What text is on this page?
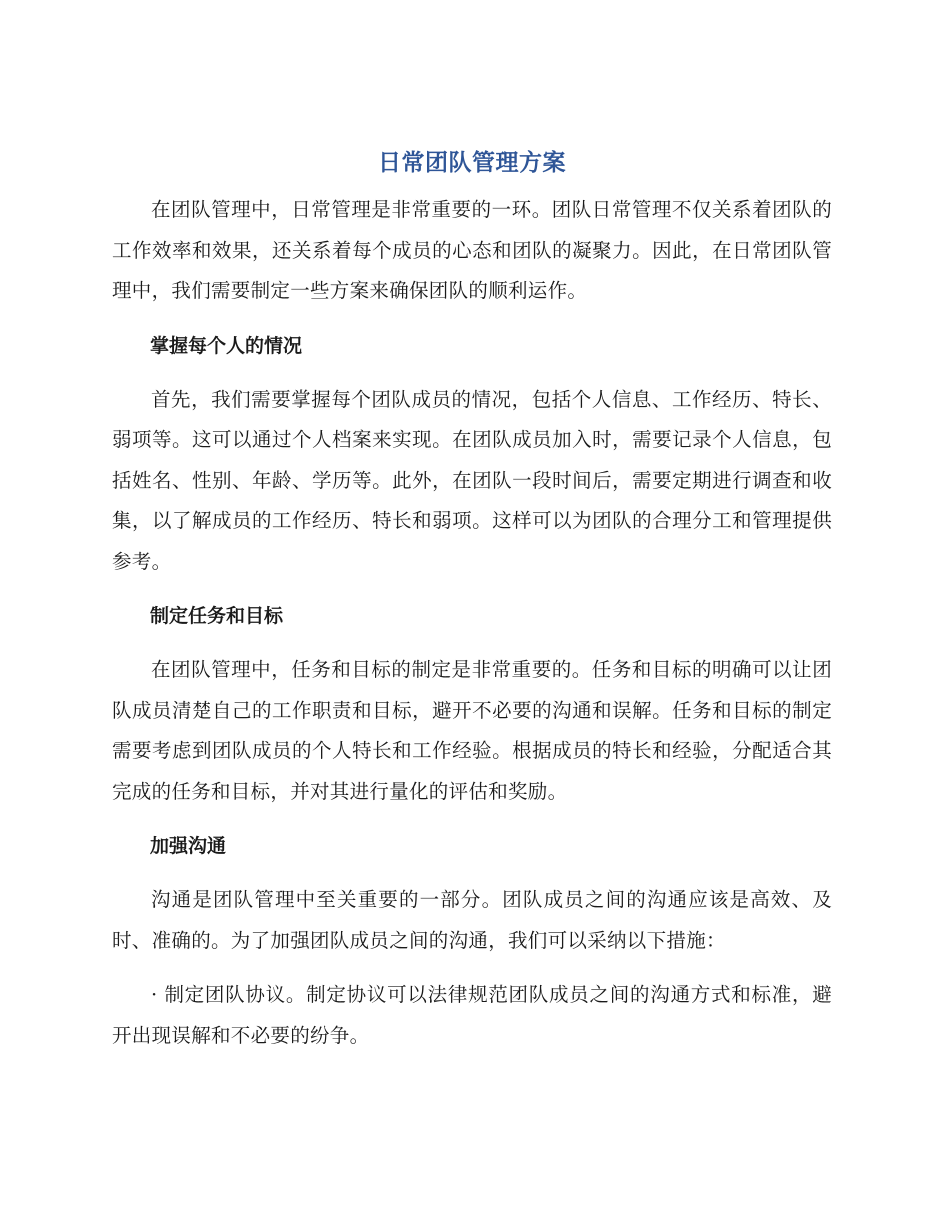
日常团队管理方案

在团队管理中，日常管理是非常重要的一环。团队日常管理不仅关系着团队的工作效率和效果，还关系着每个成员的心态和团队的凝聚力。因此，在日常团队管理中，我们需要制定一些方案来确保团队的顺利运作。

掌握每个人的情况

首先，我们需要掌握每个团队成员的情况，包括个人信息、工作经历、特长、弱项等。这可以通过个人档案来实现。在团队成员加入时，需要记录个人信息，包括姓名、性别、年龄、学历等。此外，在团队一段时间后，需要定期进行调查和收集，以了解成员的工作经历、特长和弱项。这样可以为团队的合理分工和管理提供参考。

制定任务和目标

在团队管理中，任务和目标的制定是非常重要的。任务和目标的明确可以让团队成员清楚自己的工作职责和目标，避开不必要的沟通和误解。任务和目标的制定需要考虑到团队成员的个人特长和工作经验。根据成员的特长和经验，分配适合其完成的任务和目标，并对其进行量化的评估和奖励。

加强沟通

沟通是团队管理中至关重要的一部分。团队成员之间的沟通应该是高效、及时、准确的。为了加强团队成员之间的沟通，我们可以采纳以下措施：

· 制定团队协议。制定协议可以法律规范团队成员之间的沟通方式和标准，避开出现误解和不必要的纷争。
